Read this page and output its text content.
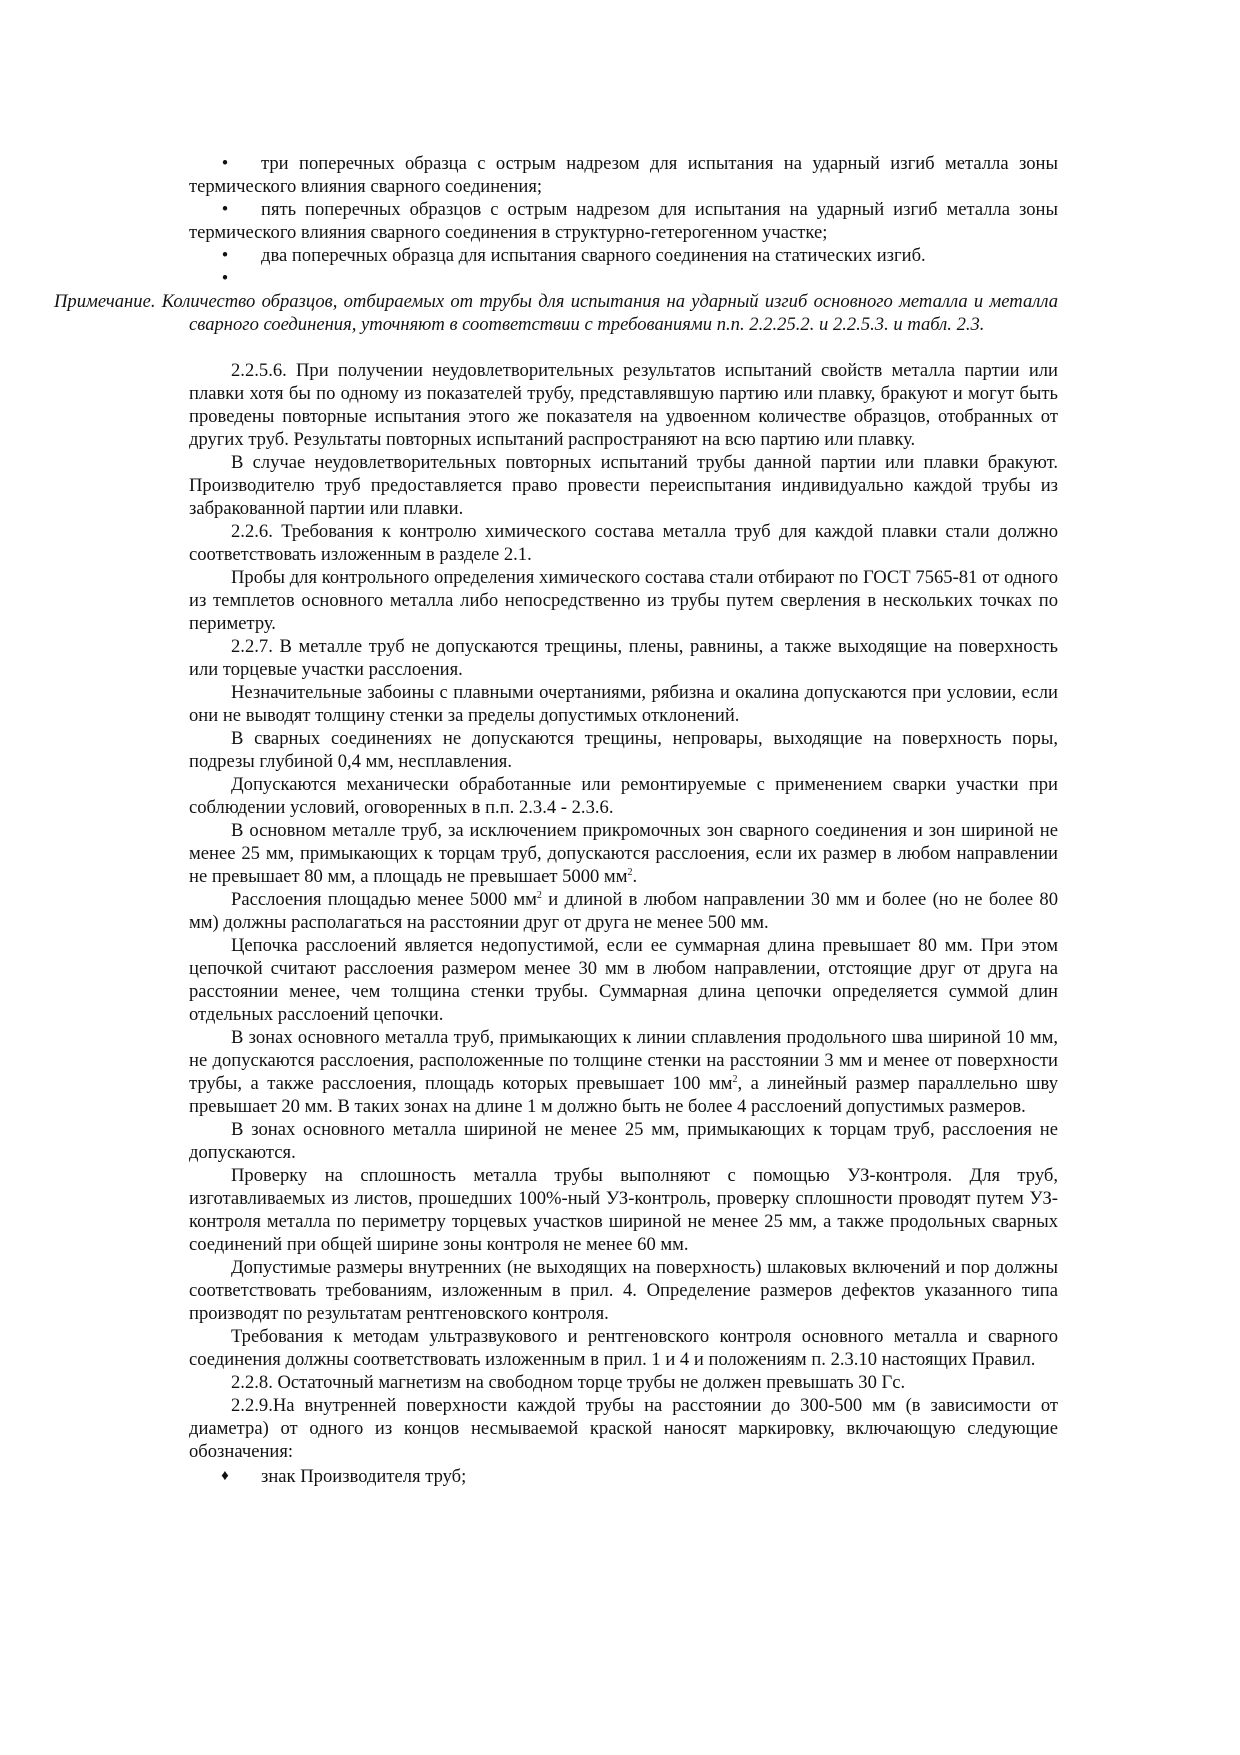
•	три поперечных образца с острым надрезом для испытания на ударный изгиб металла зоны термического влияния сварного соединения;
•	пять поперечных образцов с острым надрезом для испытания на ударный изгиб металла зоны термического влияния сварного соединения в структурно-гетерогенном участке;
•	два поперечных образца для испытания сварного соединения на статических изгиб.
•
Примечание. Количество образцов, отбираемых от трубы для испытания на ударный изгиб основного металла и металла сварного соединения, уточняют в соответствии с требованиями п.п. 2.2.25.2. и 2.2.5.3. и табл. 2.3.

2.2.5.6. При получении неудовлетворительных результатов испытаний свойств металла партии или плавки хотя бы по одному из показателей трубу, представлявшую партию или плавку, бракуют и могут быть проведены повторные испытания этого же показателя на удвоенном количестве образцов, отобранных от других труб. Результаты повторных испытаний распространяют на всю партию или плавку.

В случае неудовлетворительных повторных испытаний трубы данной партии или плавки бракуют. Производителю труб предоставляется право провести переиспытания индивидуально каждой трубы из забракованной партии или плавки.

2.2.6. Требования к контролю химического состава металла труб для каждой плавки стали должно соответствовать изложенным в разделе 2.1.

Пробы для контрольного определения химического состава стали отбирают по ГОСТ 7565-81 от одного из темплетов основного металла либо непосредственно из трубы путем сверления в нескольких точках по периметру.

2.2.7. В металле труб не допускаются трещины, плены, равнины, а также выходящие на поверхность или торцевые участки расслоения.

Незначительные забоины с плавными очертаниями, рябизна и окалина допускаются при условии, если они не выводят толщину стенки за пределы допустимых отклонений.

В сварных соединениях не допускаются трещины, непровары, выходящие на поверхность поры, подрезы глубиной 0,4 мм, несплавления.

Допускаются механически обработанные или ремонтируемые с применением сварки участки при соблюдении условий, оговоренных в п.п. 2.3.4 - 2.3.6.

В основном металле труб, за исключением прикромочных зон сварного соединения и зон шириной не менее 25 мм, примыкающих к торцам труб, допускаются расслоения, если их размер в любом направлении не превышает 80 мм, а площадь не превышает 5000 $мм^2$.

Расслоения площадью менее 5000 $мм^2$ и длиной в любом направлении 30 мм и более (но не более 80 мм) должны располагаться на расстоянии друг от друга не менее 500 мм.

Цепочка расслоений является недопустимой, если ее суммарная длина превышает 80 мм. При этом цепочкой считают расслоения размером менее 30 мм в любом направлении, отстоящие друг от друга на расстоянии менее, чем толщина стенки трубы. Суммарная длина цепочки определяется суммой длин отдельных расслоений цепочки.

В зонах основного металла труб, примыкающих к линии сплавления продольного шва шириной 10 мм, не допускаются расслоения, расположенные по толщине стенки на расстоянии 3 мм и менее от поверхности трубы, а также расслоения, площадь которых превышает 100 $мм^2$, а линейный размер параллельно шву превышает 20 мм. В таких зонах на длине 1 м должно быть не более 4 расслоений допустимых размеров.

В зонах основного металла шириной не менее 25 мм, примыкающих к торцам труб, расслоения не допускаются.

Проверку на сплошность металла трубы выполняют с помощью УЗ-контроля. Для труб, изготавливаемых из листов, прошедших 100%-ный УЗ-контроль, проверку сплошности проводят путем УЗ-контроля металла по периметру торцевых участков шириной не менее 25 мм, а также продольных сварных соединений при общей ширине зоны контроля не менее 60 мм.

Допустимые размеры внутренних (не выходящих на поверхность) шлаковых включений и пор должны соответствовать требованиям, изложенным в прил. 4. Определение размеров дефектов указанного типа производят по результатам рентгеновского контроля.

Требования к методам ультразвукового и рентгеновского контроля основного металла и сварного соединения должны соответствовать изложенным в прил. 1 и 4 и положениям п. 2.3.10 настоящих Правил.

2.2.8. Остаточный магнетизм на свободном торце трубы не должен превышать 30 Гс.

2.2.9.На внутренней поверхности каждой трубы на расстоянии до 300-500 мм (в зависимости от диаметра) от одного из концов несмываемой краской наносят маркировку, включающую следующие обозначения:

♦	знак Производителя труб;
